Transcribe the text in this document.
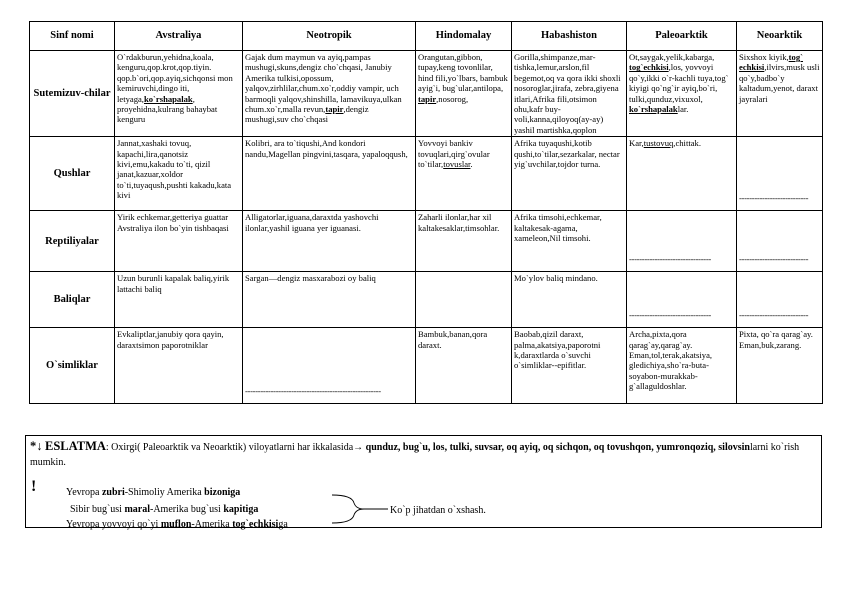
Sinf nomi	Avstraliya	Neotropik	Hindomalay	Habashiston	Paleoarktik	Neoarktik
Sutemizuv-chilar	O`rdakburun,yehidna,koala, kenguru,qop.krot,qop.tiyin. qop.b`ori,qop.ayiq,sichqonsi mon kemiruvchi,dingo iti, letyaga,ko`rshapalak, proyehidna,kulrang bahaybat kenguru	Gajak dum maymun va ayiq,pampas mushugi,skuns,dengiz cho`chqasi, Janubiy Amerika tulkisi,opossum, yalqov,zirhlilar,chum.xo`r,oddiy vampir, uch barmoqli yalqov,shinshilla, lamavikuya,ulkan chum.xo`r,malla revun,tapir,dengiz mushugi,suv cho`chqasi	Orangutan,gibbon, tupay,keng tovonlilar, hind fili,yo`lbars, bambuk ayig`i, bug`ular,antilopa, tapir,nosorog,	Gorilla,shimpanze,mar-tishka,lemur,arslon,fil begemot,oq va qora ikki shoxli nosoroglar,jirafa, zebra,giyena itlari,Afrika fili,otsimon ohu,kafr buy-voli,kanna,qiloyoq(ay-ay) yashil martishka,qoplon	Ot,saygak,yelik,kabarga, tog`echkisi,los, yovvoyi qo`y,ikki o`r-kachli tuya,tog` kiyigi qo`ng`ir ayiq,bo`ri, tulki,qunduz,vixuxol, ko`rshapalaklar.	Sixshox kiyik,tog` echkisi,ilvirs,musk usli qo`y,badbo`y kaltadum,yenot, daraxt jayralari
Qushlar	Jannat,xashaki tovuq, kapachi,lira,qanotsiz kivi,emu,kakadu to`ti, qizil janat,kazuar,xoldor to`ti,tuyaqush,pushti kakadu,kata kivi	Kolibri, ara to`tiqushi,And kondori nandu,Magellan pingvini,tasqara, yapaloqqush,	Yovvoyi bankiv tovuqlari,qirg`ovular to`tilar,tovuslar.	Afrika tuyaqushi,kotib qushi,to`tilar,sezarkalar, nectar yig`uvchilar,tojdor turna.	Kar,tustovuq,chittak.	---------------------------

Reptiliyalar	Yirik echkemar,getteriya guattar Avstraliya ilon bo`yin tishbaqasi	Alligatorlar,iguana,daraxtda yashovchi ilonlar,yashil iguana yer iguanasi.	Zaharli ilonlar,har xil kaltakesaklar,timsohlar.	Afrika timsohi,echkemar, kaltakesak-agama, xameleon,Nil timsohi.	--------------------------------	---------------------------

Baliqlar	Uzun burunli kapalak baliq,yirik lattachi baliq	Sargan—dengiz masxarabozi oy baliq		Mo`ylov baliq mindano.	--------------------------------	---------------------------

O`simliklar	Evkaliptlar,janubiy qora qayin, daraxtsimon paporotniklar	-----------------------------------------------------	Bambuk,banan,qora daraxt.	Baobab,qizil daraxt, palma,akatsiya,paporotni k,daraxtlarda o`suvchi o`simliklar--epifitlar.	Archa,pixta,qora qarag`ay,qarag`ay. Eman,tol,terak,akatsiya, gledichiya,sho`ra-buta-soyabon-murakkab-g`allaguldoshlar.	Pixta, qo`ra qarag`ay. Eman,buk,zarang.
*↓ ESLATMA: Oxirgi( Paleoarktik va Neoarktik) viloyatlarni har ikkalasida→ qunduz, bug`u, los, tulki, suvsar, oq ayiq, oq sichqon, oq tovushqon, yumronqoziq, silovsinlarni ko`rish mumkin.
!	Yevropa zubri-Shimoliy Amerika bizoniga
Sibir bug`usi maral-Amerika bug`usi kapitiga
Yevropa yovvoyi qo`yi muflon-Amerika tog`echkisiga
Ko`p jihatdan o`xshash.
